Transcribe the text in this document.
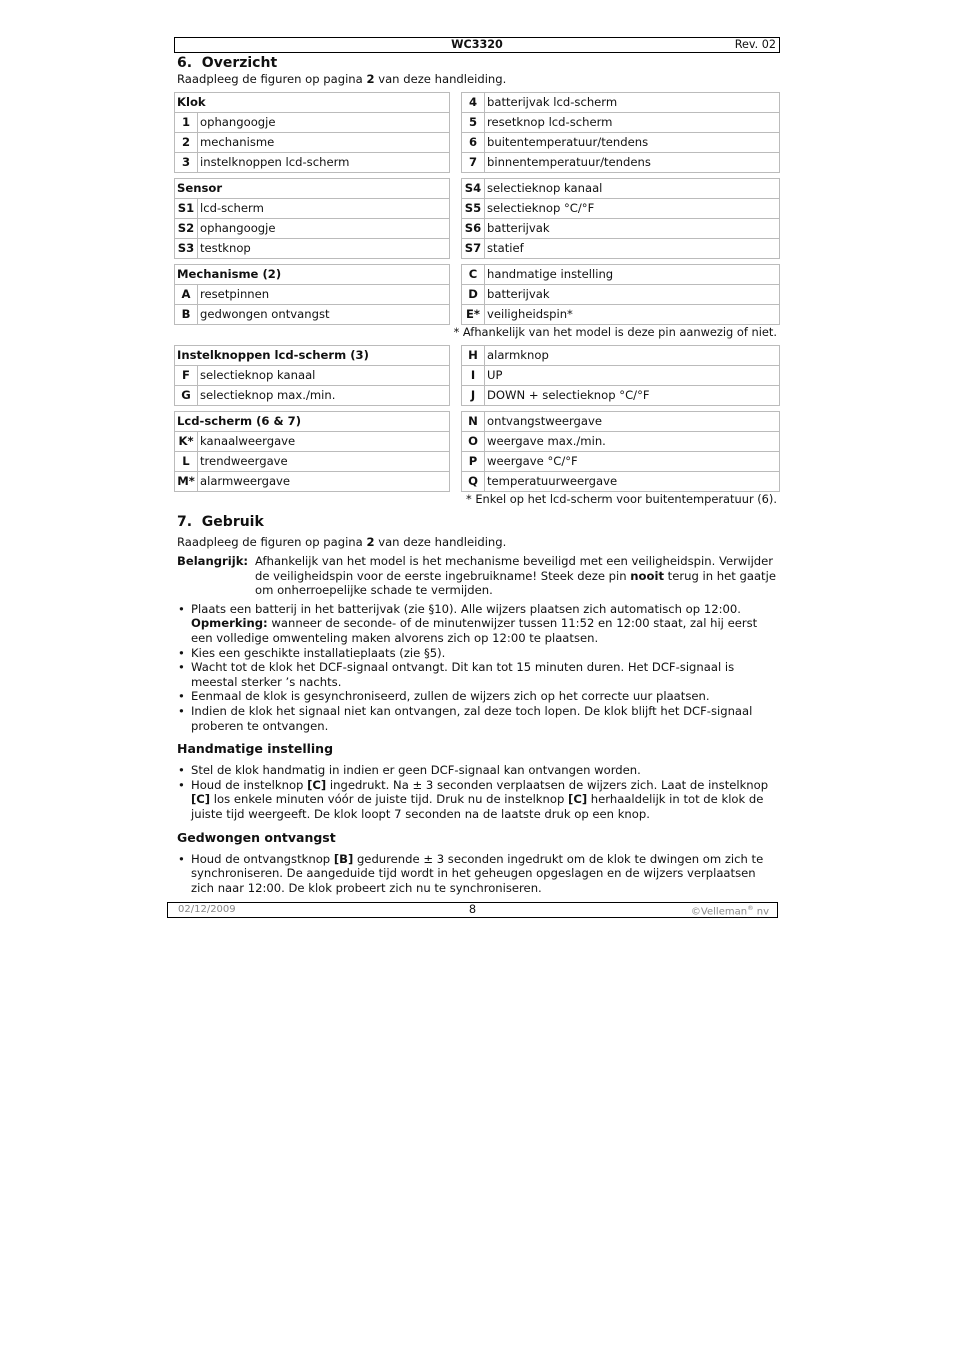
WC3320	Rev. 02
6.  Overzicht

Raadpleeg de figuren op pagina 2 van deze handleiding.

Klok	
1	ophangoogje
2	mechanisme
3	instelknoppen lcd-scherm
4	batterijvak lcd-scherm
5	resetknop lcd-scherm
6	buitentemperatuur/tendens
7	binnentemperatuur/tendens
Sensor	
S1	lcd-scherm
S2	ophangoogje
S3	testknop
S4	selectieknop kanaal
S5	selectieknop °C/°F
S6	batterijvak
S7	statief
Mechanisme (2)	
A	resetpinnen
B	gedwongen ontvangst
C	handmatige instelling
D	batterijvak
E*	veiligheidspin*
* Afhankelijk van het model is deze pin aanwezig of niet.
Instelknoppen lcd-scherm (3)	
F	selectieknop kanaal
G	selectieknop max./min.
H	alarmknop
I	UP
J	DOWN + selectieknop °C/°F
Lcd-scherm (6 & 7)	
K*	kanaalweergave
L	trendweergave
M*	alarmweergave
N	ontvangstweergave
O	weergave max./min.
P	weergave °C/°F
Q	temperatuurweergave
* Enkel op het lcd-scherm voor buitentemperatuur (6).
7.  Gebruik

Raadpleeg de figuren op pagina 2 van deze handleiding.

Belangrijk: Afhankelijk van het model is het mechanisme beveiligd met een veiligheidspin. Verwijder de veiligheidspin voor de eerste ingebruikname! Steek deze pin nooit terug in het gaatje om onherroepelijke schade te vermijden.
• Plaats een batterij in het batterijvak (zie §10). Alle wijzers plaatsen zich automatisch op 12:00.
Opmerking: wanneer de seconde- of de minutenwijzer tussen 11:52 en 12:00 staat, zal hij eerst een volledige omwenteling maken alvorens zich op 12:00 te plaatsen.
• Kies een geschikte installatieplaats (zie §5).
• Wacht tot de klok het DCF-signaal ontvangt. Dit kan tot 15 minuten duren. Het DCF-signaal is meestal sterker ’s nachts.
• Eenmaal de klok is gesynchroniseerd, zullen de wijzers zich op het correcte uur plaatsen.
• Indien de klok het signaal niet kan ontvangen, zal deze toch lopen. De klok blijft het DCF-signaal proberen te ontvangen.
Handmatige instelling
• Stel de klok handmatig in indien er geen DCF-signaal kan ontvangen worden.
• Houd de instelknop [C] ingedrukt. Na ± 3 seconden verplaatsen de wijzers zich. Laat de instelknop [C] los enkele minuten vóór de juiste tijd. Druk nu de instelknop [C] herhaaldelijk in tot de klok de juiste tijd weergeeft. De klok loopt 7 seconden na de laatste druk op een knop.
Gedwongen ontvangst
• Houd de ontvangstknop [B] gedurende ± 3 seconden ingedrukt om de klok te dwingen om zich te synchroniseren. De aangeduide tijd wordt in het geheugen opgeslagen en de wijzers verplaatsen zich naar 12:00. De klok probeert zich nu te synchroniseren.
02/12/2009	8	©Velleman® nv
